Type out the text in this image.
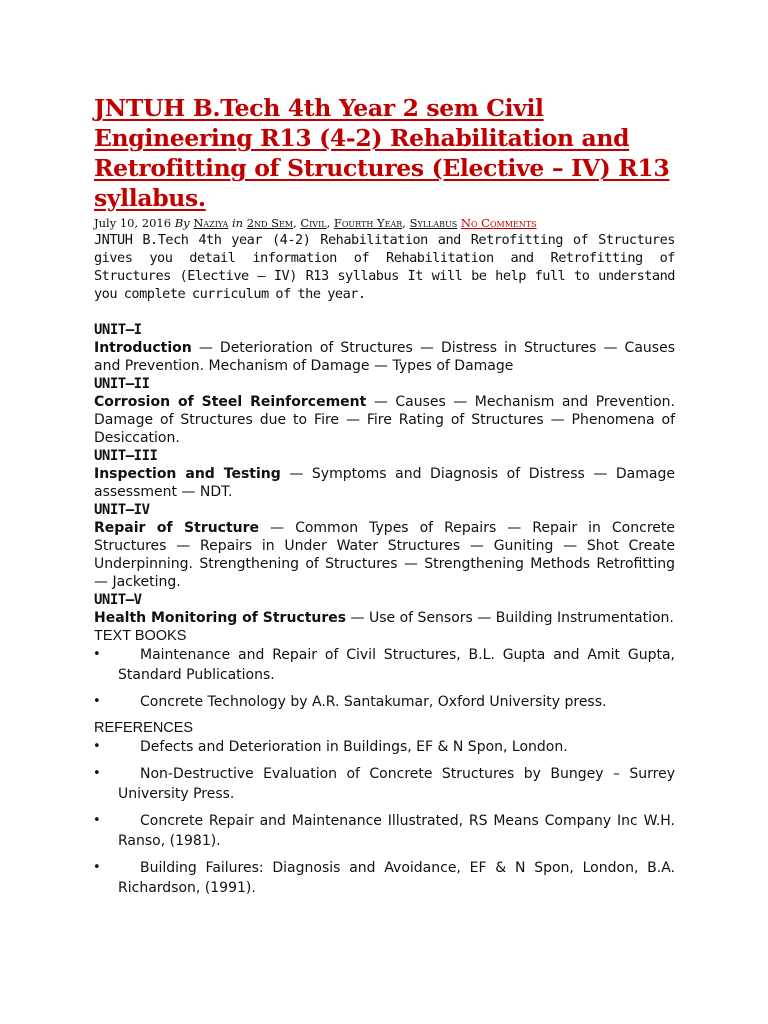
JNTUH B.Tech 4th Year 2 sem Civil Engineering R13 (4-2) Rehabilitation and Retrofitting of Structures (Elective – IV) R13 syllabus.
July 10, 2016 By Naziya in 2nd Sem, Civil, Fourth Year, Syllabus No Comments

JNTUH B.Tech 4th year (4-2) Rehabilitation and Retrofitting of Structures gives you detail information of Rehabilitation and Retrofitting of Structures (Elective – IV) R13 syllabus It will be help full to understand you complete curriculum of the year.

UNIT—I
Introduction — Deterioration of Structures — Distress in Structures — Causes and Prevention. Mechanism of Damage — Types of Damage
UNIT—II
Corrosion of Steel Reinforcement — Causes — Mechanism and Prevention. Damage of Structures due to Fire — Fire Rating of Structures — Phenomena of Desiccation.
UNIT—III
Inspection and Testing — Symptoms and Diagnosis of Distress — Damage assessment — NDT.
UNIT—IV
Repair of Structure — Common Types of Repairs — Repair in Concrete Structures — Repairs in Under Water Structures — Guniting — Shot Create Underpinning. Strengthening of Structures — Strengthening Methods Retrofitting — Jacketing.
UNIT—V
Health Monitoring of Structures — Use of Sensors — Building Instrumentation.
TEXT BOOKS
•	Maintenance and Repair of Civil Structures, B.L. Gupta and Amit Gupta, Standard Publications.
•	Concrete Technology by A.R. Santakumar, Oxford University press.
REFERENCES
•	Defects and Deterioration in Buildings, EF & N Spon, London.
•	Non-Destructive Evaluation of Concrete Structures by Bungey – Surrey University Press.
•	Concrete Repair and Maintenance Illustrated, RS Means Company Inc W.H. Ranso, (1981).
•	Building Failures: Diagnosis and Avoidance, EF & N Spon, London, B.A. Richardson, (1991).
